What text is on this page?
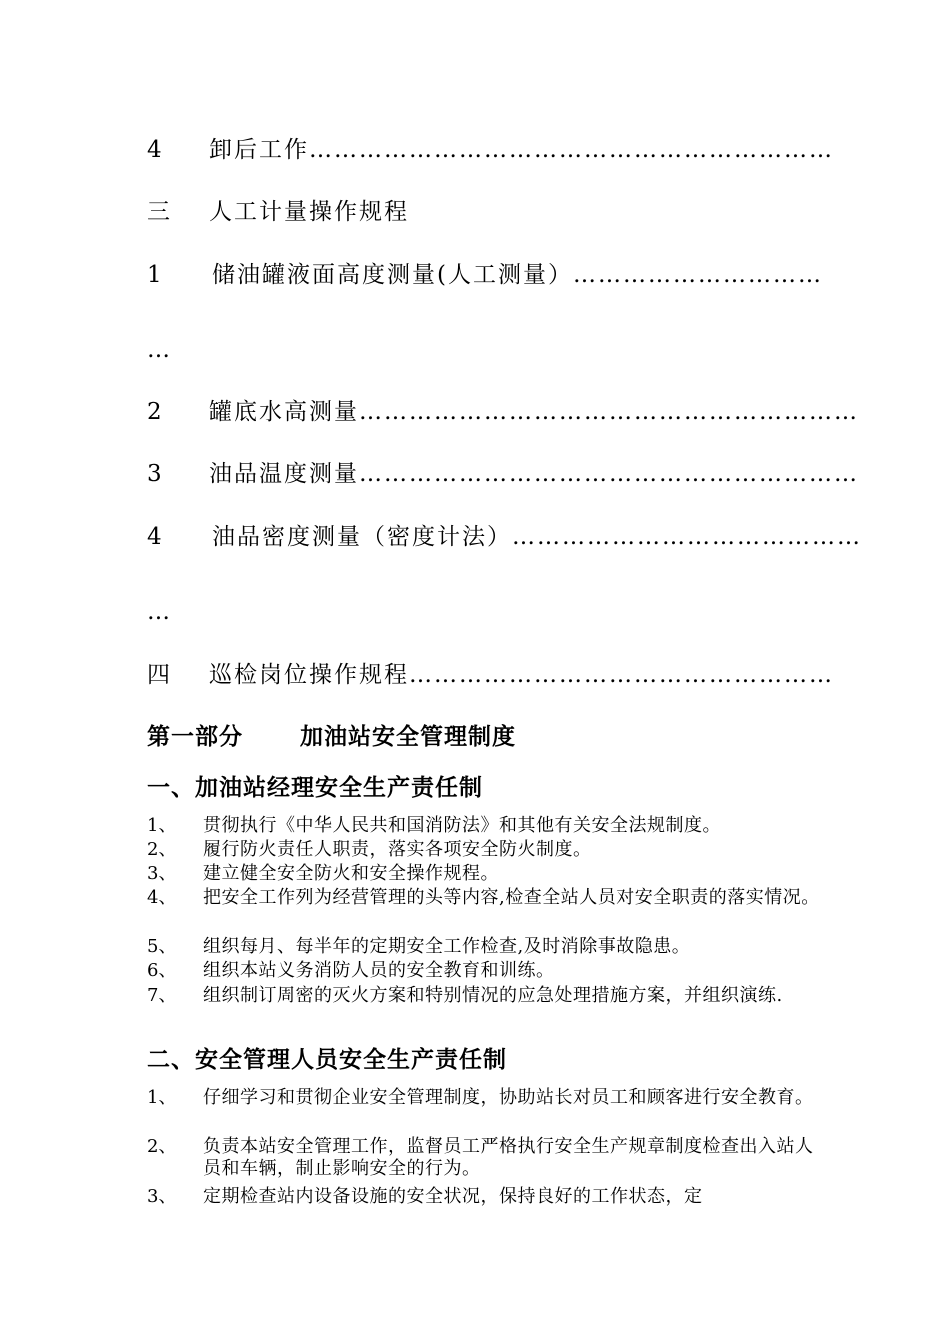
4 卸后工作………………………………………………………
三 人工计量操作规程
1 储油罐液面高度测量(人工测量）…………………………
…
2 罐底水高测量……………………………………………………
3 油品温度测量……………………………………………………
4 油品密度测量（密度计法）……………………………………
…
四 巡检岗位操作规程……………………………………………
第一部分　　 加油站安全管理制度
一、加油站经理安全生产责任制
1、 贯彻执行《中华人民共和国消防法》和其他有关安全法规制度。
2、 履行防火责任人职责，落实各项安全防火制度。
3、 建立健全安全防火和安全操作规程。
4、 把安全工作列为经营管理的头等内容,检查全站人员对安全职责的落实情况。
5、 组织每月、每半年的定期安全工作检查,及时消除事故隐患。
6、 组织本站义务消防人员的安全教育和训练。
7、 组织制订周密的灭火方案和特别情况的应急处理措施方案，并组织演练.
二、安全管理人员安全生产责任制
1、 仔细学习和贯彻企业安全管理制度，协助站长对员工和顾客进行安全教育。
2、 负责本站安全管理工作，监督员工严格执行安全生产规章制度检查出入站人员和车辆，制止影响安全的行为。
3、 定期检查站内设备设施的安全状况，保持良好的工作状态，定
